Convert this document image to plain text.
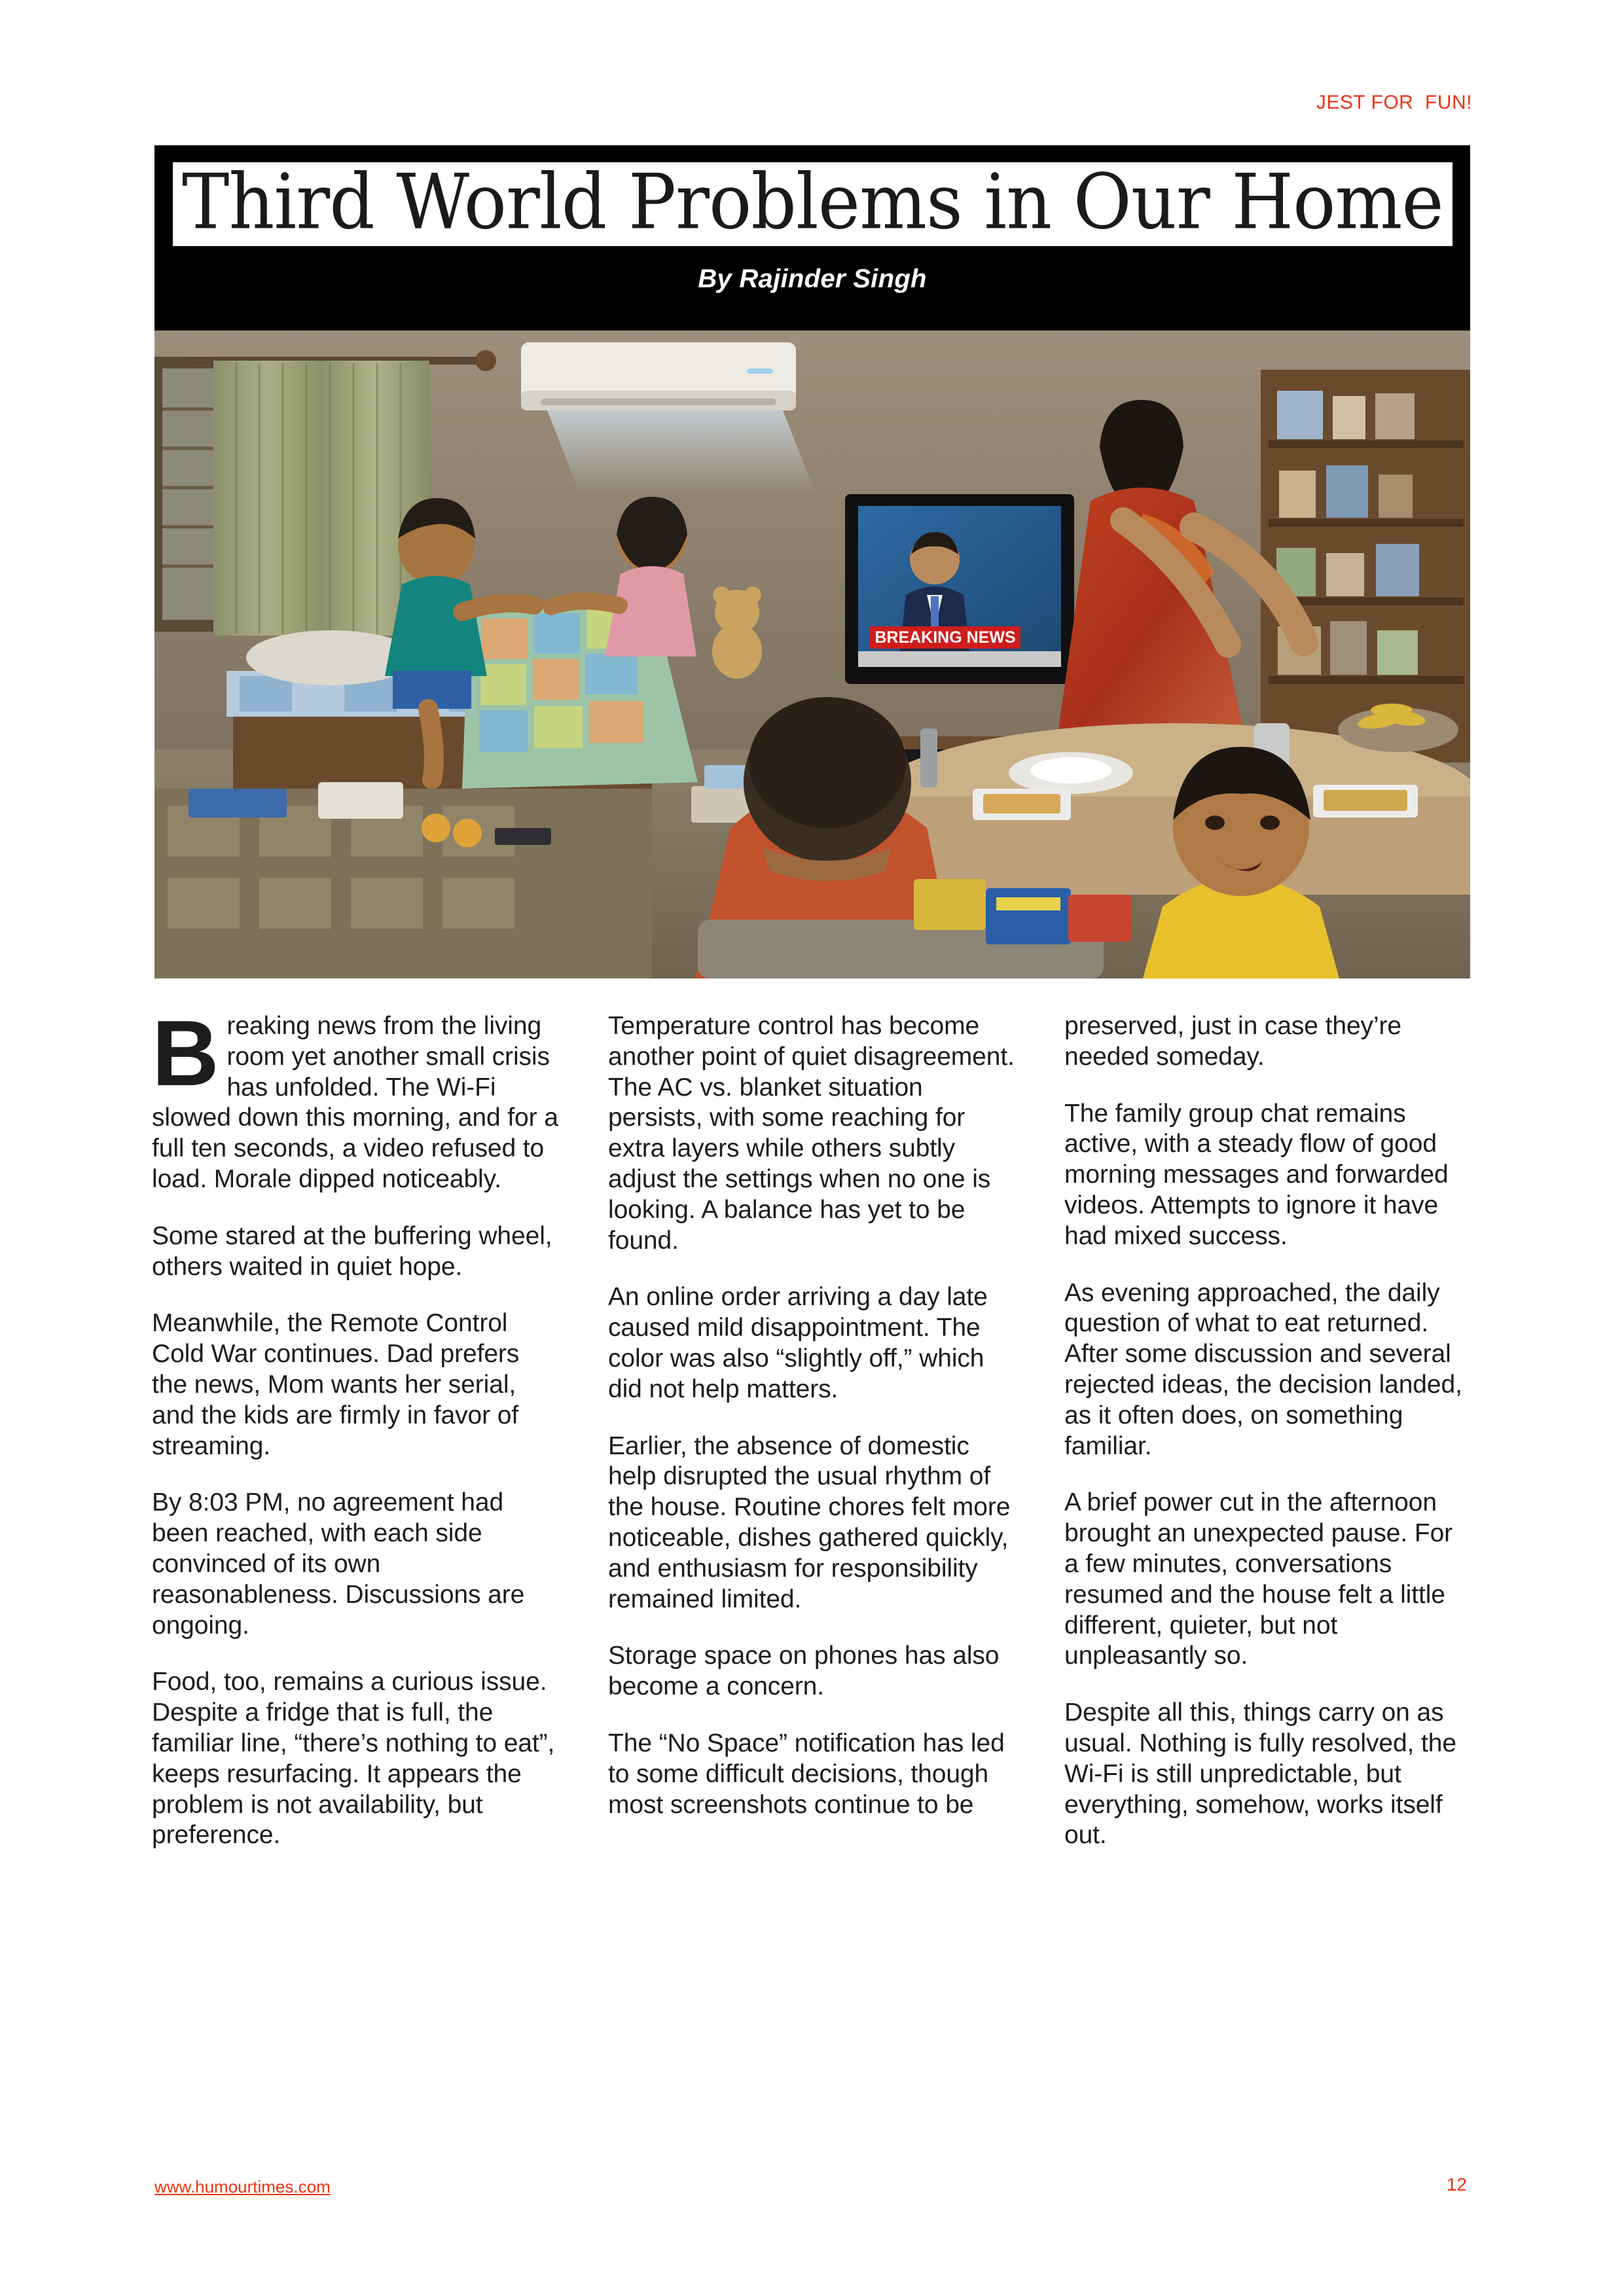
JEST FOR  FUN!
Third World Problems in Our Home
By Rajinder Singh
BREAKING NEWS

Breaking news from the living room yet another small crisis has unfolded. The Wi-Fi slowed down this morning, and for a full ten seconds, a video refused to load. Morale dipped noticeably.

Some stared at the buffering wheel, others waited in quiet hope.

Meanwhile, the Remote Control Cold War continues. Dad prefers the news, Mom wants her serial, and the kids are firmly in favor of streaming.

By 8:03 PM, no agreement had been reached, with each side convinced of its own reasonableness. Discussions are ongoing.

Food, too, remains a curious issue. Despite a fridge that is full, the familiar line, “there’s nothing to eat”, keeps resurfacing. It appears the problem is not availability, but preference.

Temperature control has become another point of quiet disagreement. The AC vs. blanket situation persists, with some reaching for extra layers while others subtly adjust the settings when no one is looking. A balance has yet to be found.

An online order arriving a day late caused mild disappointment. The color was also “slightly off,” which did not help matters.

Earlier, the absence of domestic help disrupted the usual rhythm of the house. Routine chores felt more noticeable, dishes gathered quickly, and enthusiasm for responsibility remained limited.

Storage space on phones has also become a concern.

The “No Space” notification has led to some difficult decisions, though most screenshots continue to be

preserved, just in case they’re needed someday.

The family group chat remains active, with a steady flow of good morning messages and forwarded videos. Attempts to ignore it have had mixed success.

As evening approached, the daily question of what to eat returned. After some discussion and several rejected ideas, the decision landed, as it often does, on something familiar.

A brief power cut in the afternoon brought an unexpected pause. For a few minutes, conversations resumed and the house felt a little different, quieter, but not unpleasantly so.

Despite all this, things carry on as usual. Nothing is fully resolved, the Wi-Fi is still unpredictable, but everything, somehow, works itself out.

www.humourtimes.com	12
